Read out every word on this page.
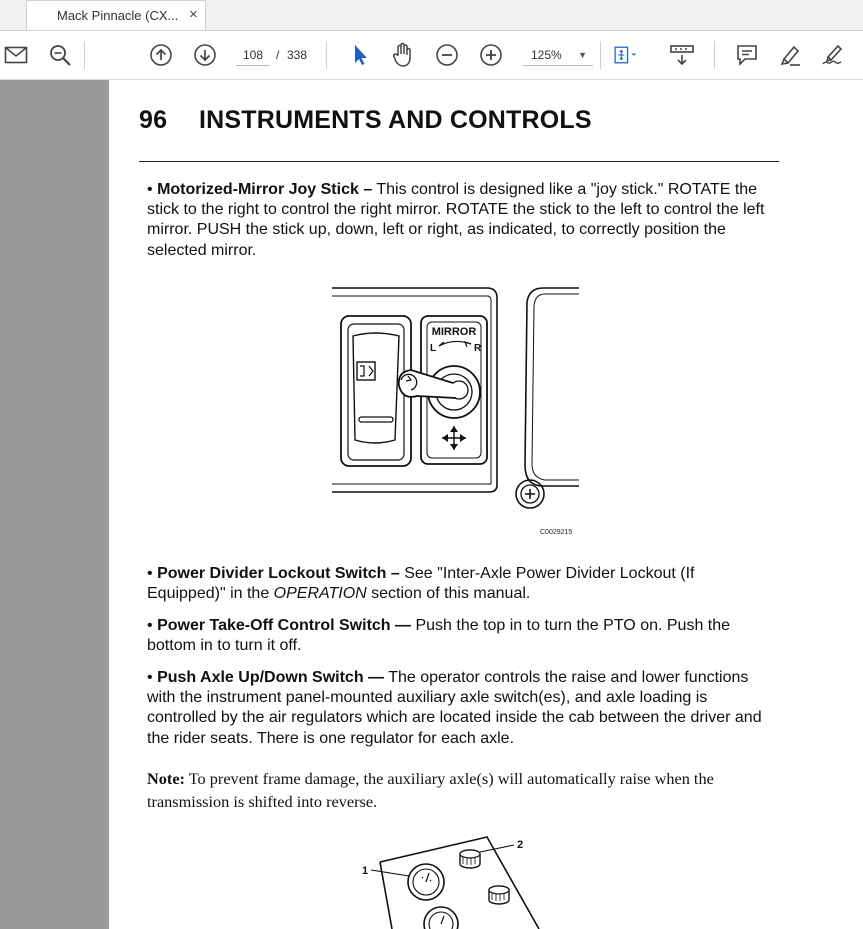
Mack Pinnacle (CX... ×
108	/ 338	125% ▼
96 INSTRUMENTS AND CONTROLS
• Motorized-Mirror Joy Stick – This control is designed like a "joy stick." ROTATE the stick to the right to control the right mirror. ROTATE the stick to the left to control the left mirror. PUSH the stick up, down, left or right, as indicated, to correctly position the selected mirror.
MIRROR
L	R
C0029215
• Power Divider Lockout Switch – See "Inter-Axle Power Divider Lockout (If Equipped)" in the OPERATION section of this manual.
• Power Take-Off Control Switch — Push the top in to turn the PTO on. Push the bottom in to turn it off.
• Push Axle Up/Down Switch — The operator controls the raise and lower functions with the instrument panel-mounted auxiliary axle switch(es), and axle loading is controlled by the air regulators which are located inside the cab between the driver and the rider seats. There is one regulator for each axle.
Note: To prevent frame damage, the auxiliary axle(s) will automatically raise when the transmission is shifted into reverse.
1
2
